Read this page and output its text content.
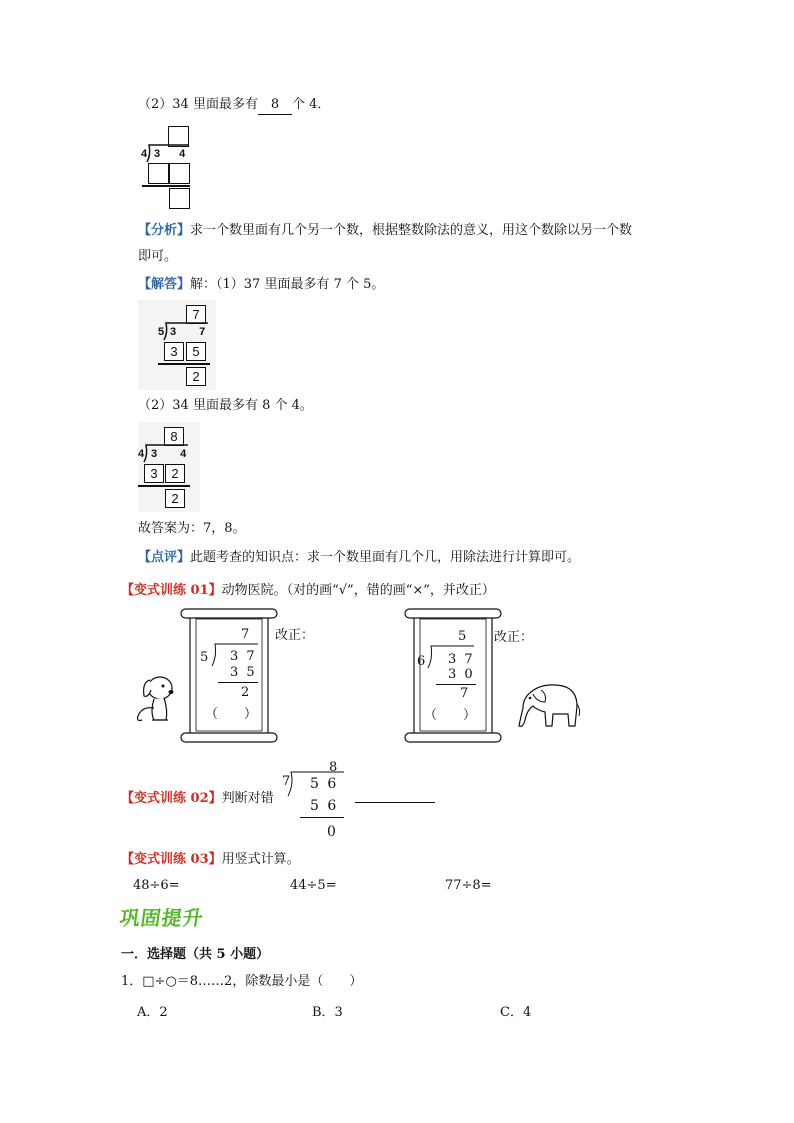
（2）34 里面最多有 8 个 4．
4 3 4
【分析】求一个数里面有几个另一个数，根据整数除法的意义，用这个数除以另一个数
即可。
【解答】解：（1）37 里面最多有 7 个 5。
7
5 3 7
3	5
2
（2）34 里面最多有 8 个 4。
8
4 3 4
3	2
2
故答案为：7，8。
【点评】此题考查的知识点：求一个数里面有几个几，用除法进行计算即可。
【变式训练 01】动物医院。（对的画“√”，错的画“×”，并改正）
7
5 3 7
3 5
2
（　　）
改正：	5
6 3 7
3 0
7
（　　）
改正：
8
7 5 6
【变式训练 02】判断对错	5 6
0
【变式训练 03】用竖式计算。
48÷6=	44÷5=	77÷8=
巩固提升
一．选择题（共 5 小题）
1．□÷○＝8……2，除数最小是（　　）
A．2	B．3	C．4
